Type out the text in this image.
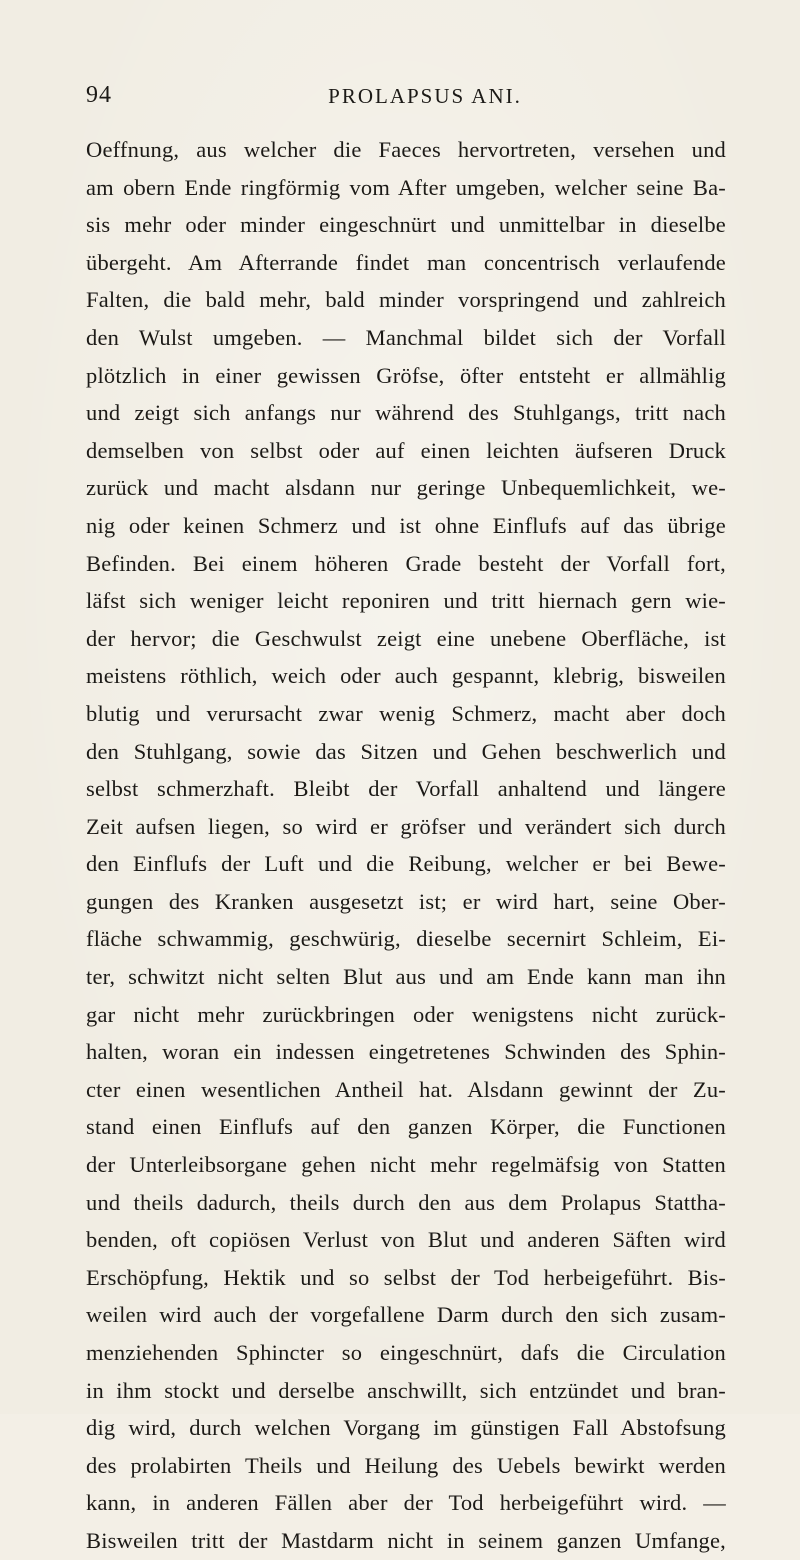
94	PROLAPSUS ANI.
Oeffnung, aus welcher die Faeces hervortreten, versehen und
am obern Ende ringförmig vom After umgeben, welcher seine Ba-
sis mehr oder minder eingeschnürt und unmittelbar in dieselbe
übergeht. Am Afterrande findet man concentrisch verlaufende
Falten, die bald mehr, bald minder vorspringend und zahlreich
den Wulst umgeben. — Manchmal bildet sich der Vorfall
plötzlich in einer gewissen Gröfse, öfter entsteht er allmählig
und zeigt sich anfangs nur während des Stuhlgangs, tritt nach
demselben von selbst oder auf einen leichten äufseren Druck
zurück und macht alsdann nur geringe Unbequemlichkeit, we-
nig oder keinen Schmerz und ist ohne Einflufs auf das übrige
Befinden. Bei einem höheren Grade besteht der Vorfall fort,
läfst sich weniger leicht reponiren und tritt hiernach gern wie-
der hervor; die Geschwulst zeigt eine unebene Oberfläche, ist
meistens röthlich, weich oder auch gespannt, klebrig, bisweilen
blutig und verursacht zwar wenig Schmerz, macht aber doch
den Stuhlgang, sowie das Sitzen und Gehen beschwerlich und
selbst schmerzhaft. Bleibt der Vorfall anhaltend und längere
Zeit aufsen liegen, so wird er gröfser und verändert sich durch
den Einflufs der Luft und die Reibung, welcher er bei Bewe-
gungen des Kranken ausgesetzt ist; er wird hart, seine Ober-
fläche schwammig, geschwürig, dieselbe secernirt Schleim, Ei-
ter, schwitzt nicht selten Blut aus und am Ende kann man ihn
gar nicht mehr zurückbringen oder wenigstens nicht zurück-
halten, woran ein indessen eingetretenes Schwinden des Sphin-
cter einen wesentlichen Antheil hat. Alsdann gewinnt der Zu-
stand einen Einflufs auf den ganzen Körper, die Functionen
der Unterleibsorgane gehen nicht mehr regelmäfsig von Statten
und theils dadurch, theils durch den aus dem Prolapus Stattha-
benden, oft copiösen Verlust von Blut und anderen Säften wird
Erschöpfung, Hektik und so selbst der Tod herbeigeführt. Bis-
weilen wird auch der vorgefallene Darm durch den sich zusam-
menziehenden Sphincter so eingeschnürt, dafs die Circulation
in ihm stockt und derselbe anschwillt, sich entzündet und bran-
dig wird, durch welchen Vorgang im günstigen Fall Abstofsung
des prolabirten Theils und Heilung des Uebels bewirkt werden
kann, in anderen Fällen aber der Tod herbeigeführt wird. —
Bisweilen tritt der Mastdarm nicht in seinem ganzen Umfange,
